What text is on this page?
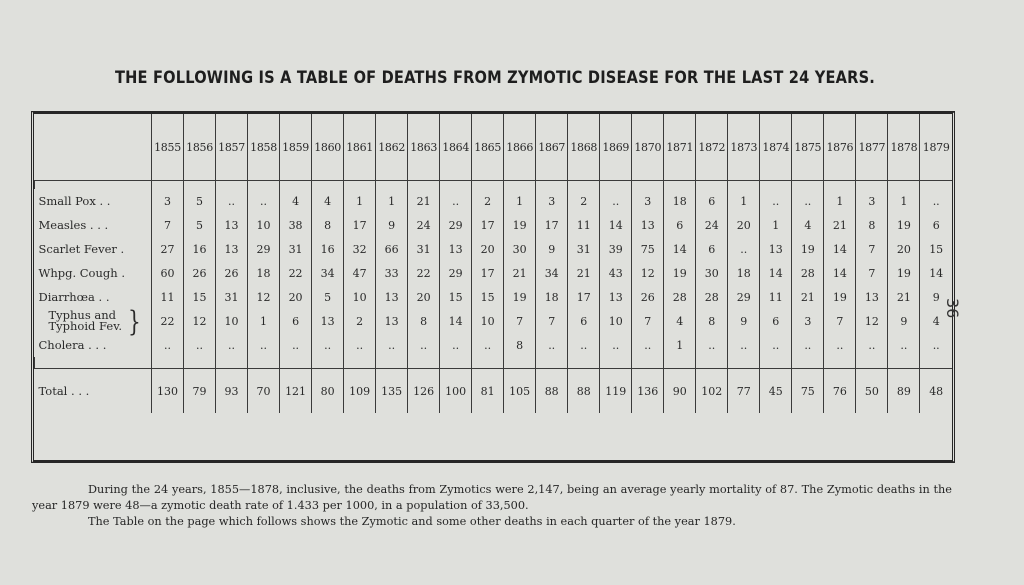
THE FOLLOWING IS A TABLE OF DEATHS FROM ZYMOTIC DISEASE FOR THE LAST 24 YEARS.
	1855	1856	1857	1858	1859	1860	1861	1862	1863	1864	1865	1866	1867	1868	1869	1870	1871	1872	1873	1874	1875	1876	1877	1878	1879

Small Pox . .	3	5	..	..	4	4	1	1	21	..	2	1	3	2	..	3	18	6	1	..	..	1	3	1	..
Measles . . .	7	5	13	10	38	8	17	9	24	29	17	19	17	11	14	13	6	24	20	1	4	21	8	19	6
Scarlet Fever .	27	16	13	29	31	16	32	66	31	13	20	30	9	31	39	75	14	6	..	13	19	14	7	20	15
Whpg. Cough .	60	26	26	18	22	34	47	33	22	29	17	21	34	21	43	12	19	30	18	14	28	14	7	19	14
Diarrhœa . .	11	15	31	12	20	5	10	13	20	15	15	19	18	17	13	26	28	28	29	11	21	19	13	21	9

Typhus and
Typhoid Fev. }	22	12	10	1	6	13	2	13	8	14	10	7	7	6	10	7	4	8	9	6	3	7	12	9	4
Cholera . . .	..	..	..	..	..	..	..	..	..	..	..	8	..	..	..	..	1	..	..	..	..	..	..	..	..

Total . . .	130	79	93	70	121	80	109	135	126	100	81	105	88	88	119	136	90	102	77	45	75	76	50	89	48

During the 24 years, 1855—1878, inclusive, the deaths from Zymotics were 2,147, being an average yearly mortality of 87. The Zymotic deaths in the year 1879 were 48—a zymotic death rate of 1.433 per 1000, in a population of 33,500.

The Table on the page which follows shows the Zymotic and some other deaths in each quarter of the year 1879.

36
